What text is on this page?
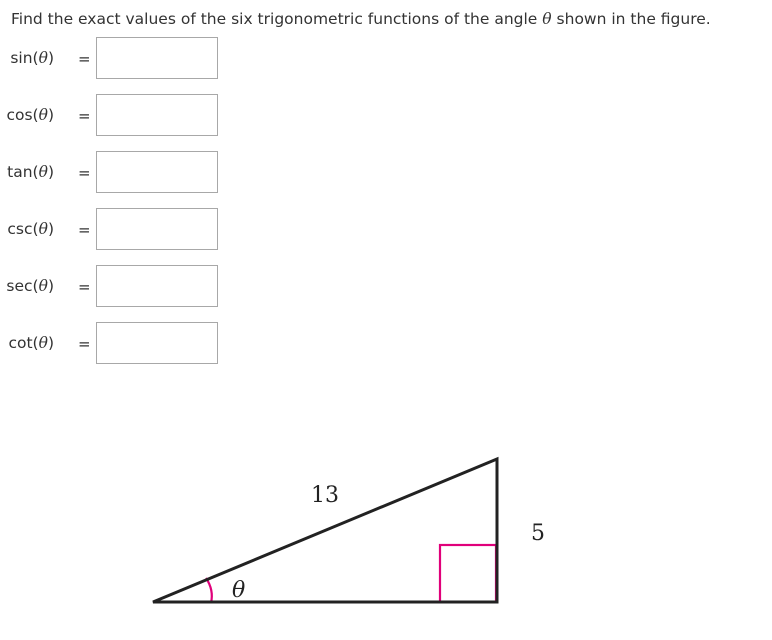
Find the exact values of the six trigonometric functions of the angle θ shown in the figure.
sin(θ) =
cos(θ) =
tan(θ) =
csc(θ) =
sec(θ) =
cot(θ) =
13
5
θ
